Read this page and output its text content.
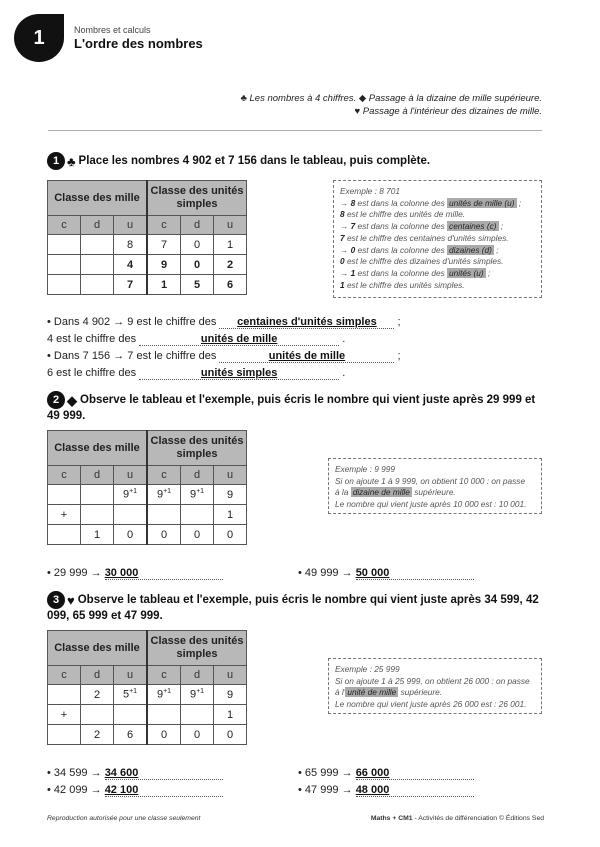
1	Nombres et calculs
L'ordre des nombres
♣ Les nombres à 4 chiffres. ◆ Passage à la dizaine de mille supérieure.
♥ Passage à l'intérieur des dizaines de mille.
1 ♣ Place les nombres 4 902 et 7 156 dans le tableau, puis complète.
Classe des mille			Classe des unités simples		
c	d	u	c	d	u
		8	7	0	1
		4	9	0	2
		7	1	5	6
Exemple : 8 701
→ 8 est dans la colonne des unités de mille (u) ;
8 est le chiffre des unités de mille.
→ 7 est dans la colonne des centaines (c) ;
7 est le chiffre des centaines d'unités simples.
→ 0 est dans la colonne des dizaines (d) ;
0 est le chiffre des dizaines d'unités simples.
→ 1 est dans la colonne des unités (u) ;
1 est le chiffre des unités simples.
• Dans 4 902 → 9 est le chiffre des centaines d'unités simples ;
4 est le chiffre des	unités de mille	.
• Dans 7 156 → 7 est le chiffre des	unités de mille	;
6 est le chiffre des	unités simples	.
2 ◆ Observe le tableau et l'exemple, puis écris le nombre qui vient juste après 29 999 et 49 999.
Classe des mille			Classe des unités simples		
c	d	u	c	d	u
		$9^{+1}$	$9^{+1}$	$9^{+1}$	9
+					1
	1	0	0	0	0
Exemple : 9 999
Si on ajoute 1 à 9 999, on obtient 10 000 : on passe
à la dizaine de mille supérieure.
Le nombre qui vient juste après 10 000 est : 10 001.
• 29 999 → 30 000	• 49 999 → 50 000
3 ♥ Observe le tableau et l'exemple, puis écris le nombre qui vient juste après 34 599, 42 099, 65 999 et 47 999.
Classe des mille			Classe des unités simples		
c	d	u	c	d	u
	2	$5^{+1}$	$9^{+1}$	$9^{+1}$	9
+					1
	2	6	0	0	0
Exemple : 25 999
Si on ajoute 1 à 25 999, on obtient 26 000 : on passe
à l' unité de mille supérieure.
Le nombre qui vient juste après 26 000 est : 26 001.
• 34 599 → 34 600
• 42 099 → 42 100
• 65 999 → 66 000
• 47 999 → 48 000
Reproduction autorisée pour une classe seulement	Maths + CM1 - Activités de différenciation © Éditions Sed
